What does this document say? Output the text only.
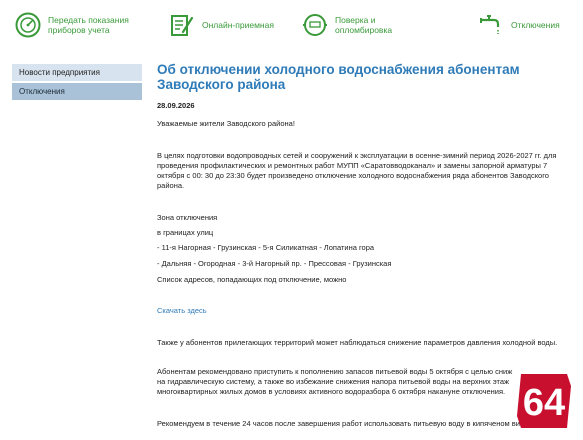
Передать показания
приборов учета	Онлайн-приемная	Поверка и
опломбировка	Отключения
Новости предприятия
Отключения
Об отключении холодного водоснабжения абонентам Заводского района

28.09.2026

Уважаемые жители Заводского района!

В целях подготовки водопроводных сетей и сооружений к эксплуатации в осенне-зимний период 2026-2027 гг. для

проведения профилактических и ремонтных работ МУПП «Саратовводоканал» и замены запорной арматуры 7

октября с 00: 30 до 23:30 будет произведено отключение холодного водоснабжения ряда абонентов Заводского

района.

Зона отключения

в границах улиц

- 11-я Нагорная - Грузинская - 5-я Силикатная - Лопатина гора

- Дальняя - Огородная - 3-й Нагорный пр. - Прессовая - Грузинская

Список адресов, попадающих под отключение, можно

Скачать здесь

Также у абонентов прилегающих территорий может наблюдаться снижение параметров давления холодной воды.

Абонентам рекомендовано приступить к пополнению запасов питьевой воды 5 октября с целью сниж

на гидравлическую систему, а также во избежание снижения напора питьевой воды на верхних этаж

многоквартирных жилых домов в условиях активного водоразбора 6 октября накануне отключения.

Рекомендуем в течение 24 часов после завершения работ использовать питьевую воду в кипяченом ви 64
